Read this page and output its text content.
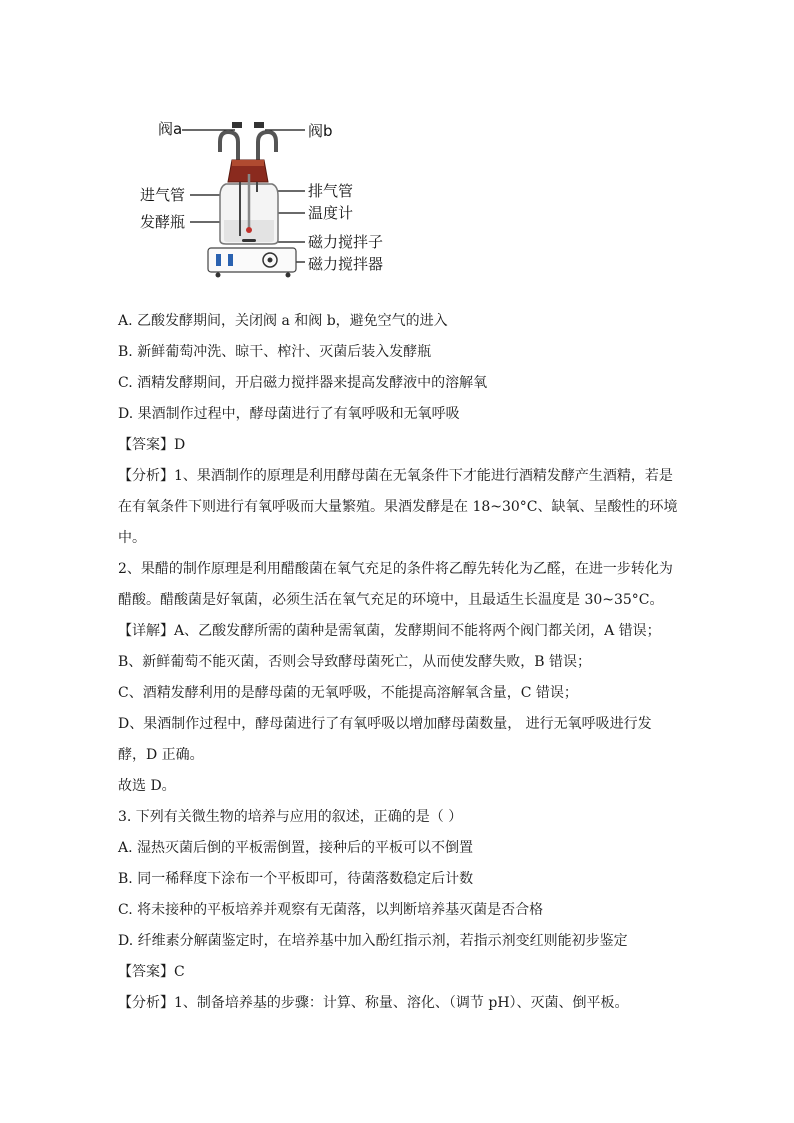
阀a	阀b
进气管
发酵瓶
排气管
温度计
磁力搅拌子
磁力搅拌器
A. 乙酸发酵期间，关闭阀 a 和阀 b，避免空气的进入
B. 新鲜葡萄冲洗、晾干、榨汁、灭菌后装入发酵瓶
C. 酒精发酵期间，开启磁力搅拌器来提高发酵液中的溶解氧
D. 果酒制作过程中，酵母菌进行了有氧呼吸和无氧呼吸
【答案】D
【分析】1、果酒制作的原理是利用酵母菌在无氧条件下才能进行酒精发酵产生酒精，若是
在有氧条件下则进行有氧呼吸而大量繁殖。果酒发酵是在 18~30°C、缺氧、呈酸性的环境
中。
2、果醋的制作原理是利用醋酸菌在氧气充足的条件将乙醇先转化为乙醛，在进一步转化为
醋酸。醋酸菌是好氧菌，必须生活在氧气充足的环境中，且最适生长温度是 30~35°C。
【详解】A、乙酸发酵所需的菌种是需氧菌，发酵期间不能将两个阀门都关闭，A 错误；
B、新鲜葡萄不能灭菌，否则会导致酵母菌死亡，从而使发酵失败，B 错误；
C、酒精发酵利用的是酵母菌的无氧呼吸，不能提高溶解氧含量，C 错误；
D、果酒制作过程中，酵母菌进行了有氧呼吸以增加酵母菌数量， 进行无氧呼吸进行发
酵，D 正确。
故选 D。
3. 下列有关微生物的培养与应用的叙述，正确的是（ ）
A. 湿热灭菌后倒的平板需倒置，接种后的平板可以不倒置
B. 同一稀释度下涂布一个平板即可，待菌落数稳定后计数
C. 将未接种的平板培养并观察有无菌落，以判断培养基灭菌是否合格
D. 纤维素分解菌鉴定时，在培养基中加入酚红指示剂，若指示剂变红则能初步鉴定
【答案】C
【分析】1、制备培养基的步骤：计算、称量、溶化、（调节 pH）、灭菌、倒平板。
